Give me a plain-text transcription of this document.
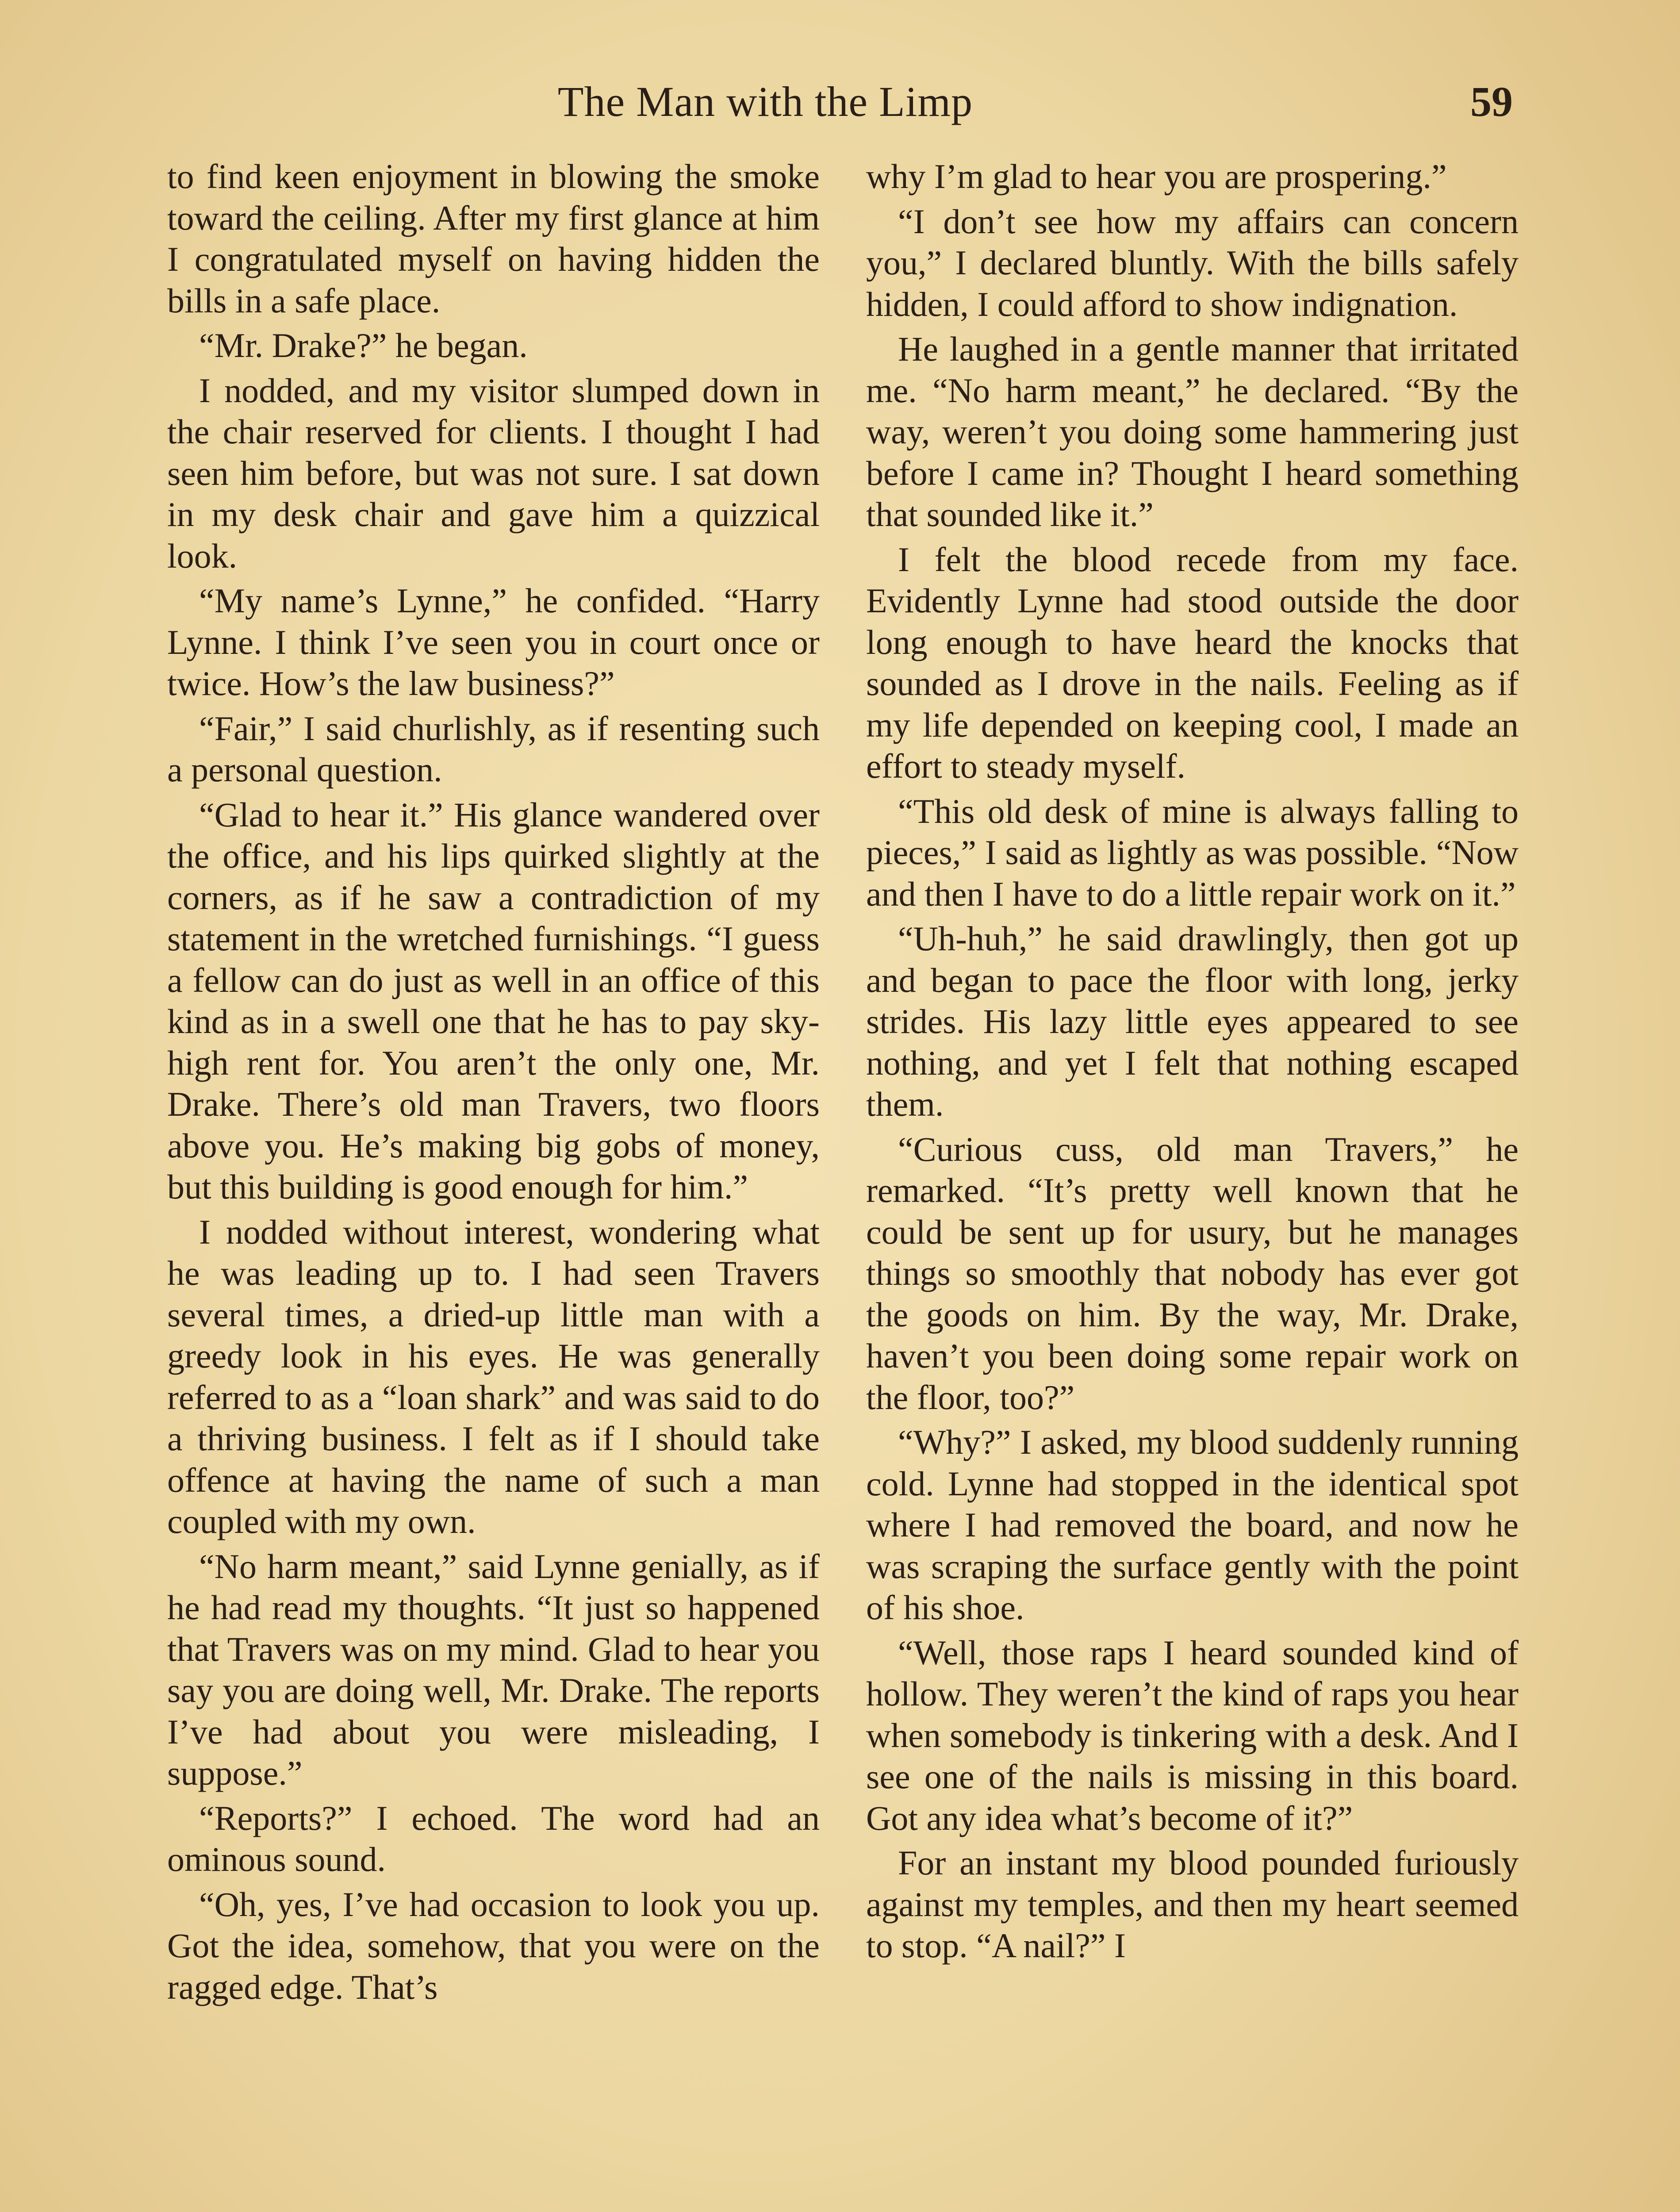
The Man with the Limp	59

to find keen enjoyment in blowing the smoke toward the ceiling. After my first glance at him I congratulated myself on having hidden the bills in a safe place.

“Mr. Drake?” he began.

I nodded, and my visitor slumped down in the chair reserved for clients. I thought I had seen him before, but was not sure. I sat down in my desk chair and gave him a quizzical look.

“My name’s Lynne,” he confided. “Harry Lynne. I think I’ve seen you in court once or twice. How’s the law business?”

“Fair,” I said churlishly, as if resenting such a personal question.

“Glad to hear it.” His glance wandered over the office, and his lips quirked slightly at the corners, as if he saw a contradiction of my statement in the wretched furnishings. “I guess a fellow can do just as well in an office of this kind as in a swell one that he has to pay sky-high rent for. You aren’t the only one, Mr. Drake. There’s old man Travers, two floors above you. He’s making big gobs of money, but this building is good enough for him.”

I nodded without interest, wondering what he was leading up to. I had seen Travers several times, a dried-up little man with a greedy look in his eyes. He was generally referred to as a “loan shark” and was said to do a thriving business. I felt as if I should take offence at having the name of such a man coupled with my own.

“No harm meant,” said Lynne genially, as if he had read my thoughts. “It just so happened that Travers was on my mind. Glad to hear you say you are doing well, Mr. Drake. The reports I’ve had about you were misleading, I suppose.”

“Reports?” I echoed. The word had an ominous sound.

“Oh, yes, I’ve had occasion to look you up. Got the idea, somehow, that you were on the ragged edge. That’s

why I’m glad to hear you are prospering.”

“I don’t see how my affairs can concern you,” I declared bluntly. With the bills safely hidden, I could afford to show indignation.

He laughed in a gentle manner that irritated me. “No harm meant,” he declared. “By the way, weren’t you doing some hammering just before I came in? Thought I heard something that sounded like it.”

I felt the blood recede from my face. Evidently Lynne had stood outside the door long enough to have heard the knocks that sounded as I drove in the nails. Feeling as if my life depended on keeping cool, I made an effort to steady myself.

“This old desk of mine is always falling to pieces,” I said as lightly as was possible. “Now and then I have to do a little repair work on it.”

“Uh-huh,” he said drawlingly, then got up and began to pace the floor with long, jerky strides. His lazy little eyes appeared to see nothing, and yet I felt that nothing escaped them.

“Curious cuss, old man Travers,” he remarked. “It’s pretty well known that he could be sent up for usury, but he manages things so smoothly that nobody has ever got the goods on him. By the way, Mr. Drake, haven’t you been doing some repair work on the floor, too?”

“Why?” I asked, my blood suddenly running cold. Lynne had stopped in the identical spot where I had removed the board, and now he was scraping the surface gently with the point of his shoe.

“Well, those raps I heard sounded kind of hollow. They weren’t the kind of raps you hear when somebody is tinkering with a desk. And I see one of the nails is missing in this board. Got any idea what’s become of it?”

For an instant my blood pounded furiously against my temples, and then my heart seemed to stop. “A nail?” I
